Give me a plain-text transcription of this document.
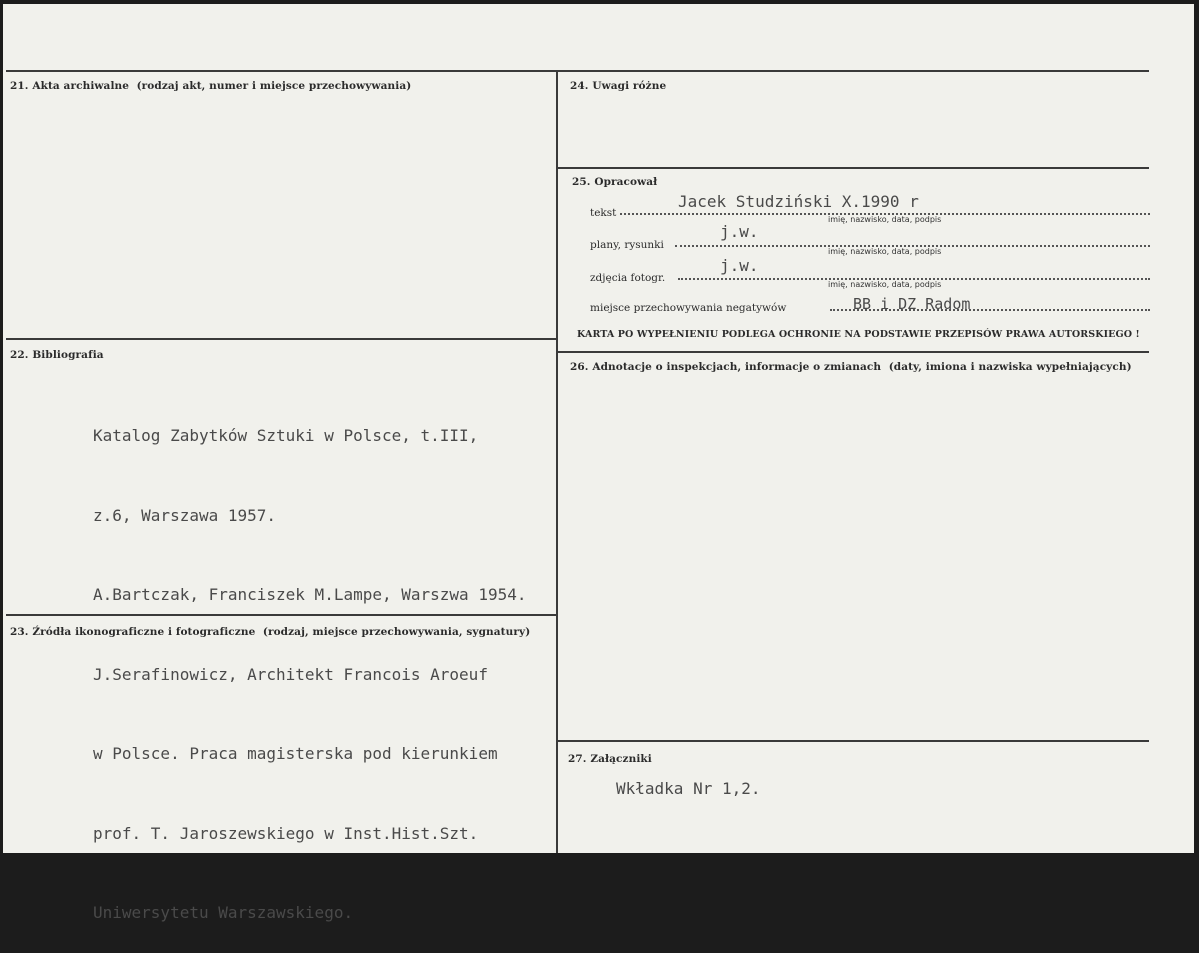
21. Akta archiwalne (rodzaj akt, numer i miejsce przechowywania)
22. Bibliografia

Katalog Zabytków Sztuki w Polsce, t.III,

z.6, Warszawa 1957.

A.Bartczak, Franciszek M.Lampe, Warszwa 1954.

J.Serafinowicz, Architekt Francois Aroeuf

w Polsce. Praca magisterska pod kierunkiem

prof. T. Jaroszewskiego w Inst.Hist.Szt.

Uniwersytetu Warszawskiego.

23. Źródła ikonograficzne i fotograficzne (rodzaj, miejsce przechowywania, sygnatury)
24. Uwagi różne
25. Opracował
tekst
Jacek Studziński X.1990 r
imię, nazwisko, data, podpis
j.w.
plany, rysunki
imię, nazwisko, data, podpis
j.w.
zdjęcia fotogr.
imię, nazwisko, data, podpis
miejsce przechowywania negatywów	BB i DZ Radom
KARTA PO WYPEŁNIENIU PODLEGA OCHRONIE NA PODSTAWIE PRZEPISÓW PRAWA AUTORSKIEGO !
26. Adnotacje o inspekcjach, informacje o zmianach (daty, imiona i nazwiska wypełniających)
27. Załączniki
Wkładka Nr 1,2.
